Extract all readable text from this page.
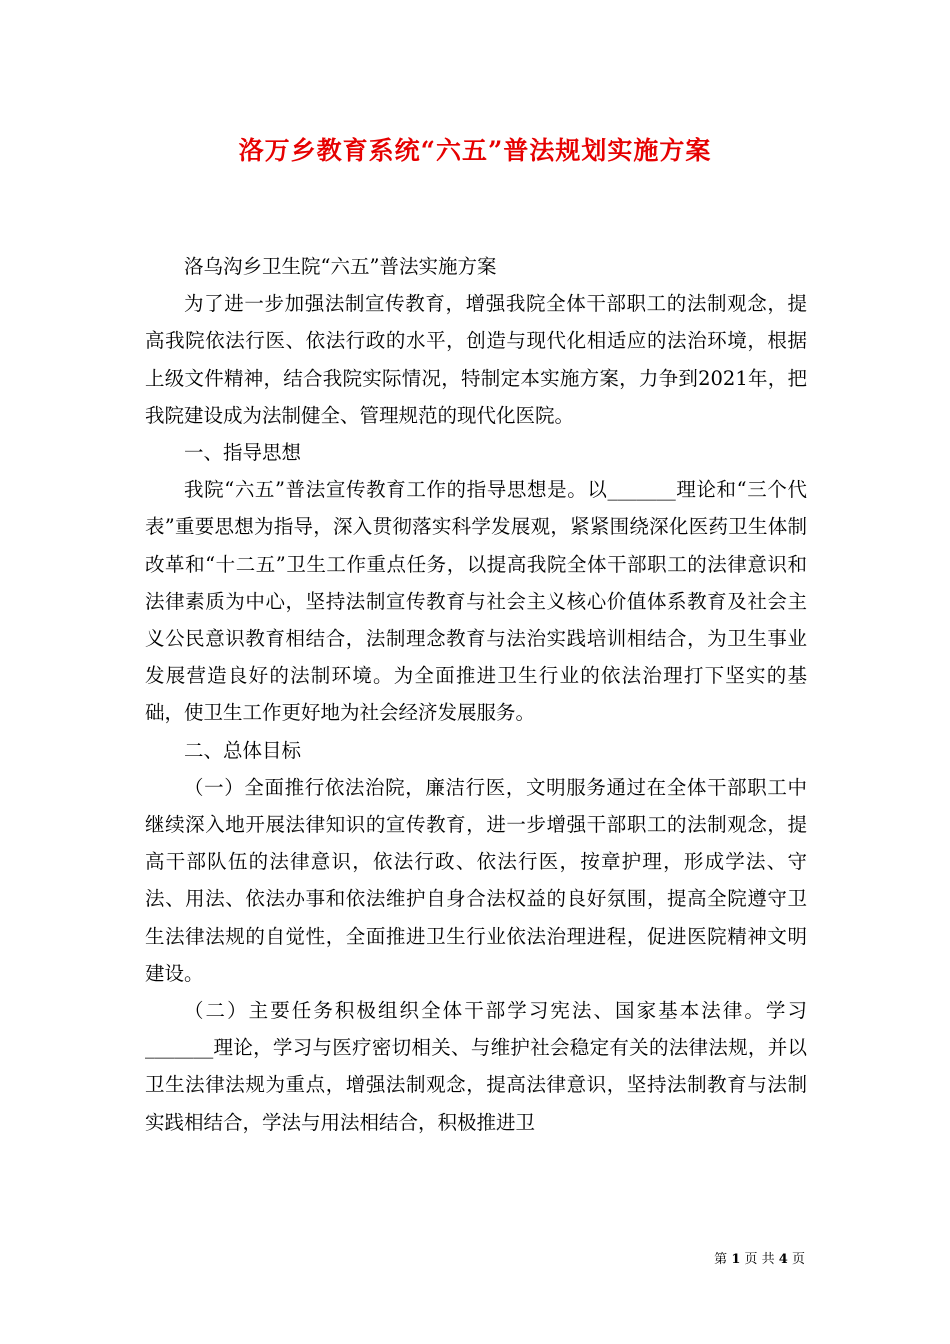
洛万乡教育系统“六五”普法规划实施方案

洛乌沟乡卫生院“六五”普法实施方案

为了进一步加强法制宣传教育，增强我院全体干部职工的法制观念，提高我院依法行医、依法行政的水平，创造与现代化相适应的法治环境，根据上级文件精神，结合我院实际情况，特制定本实施方案，力争到2021年，把我院建设成为法制健全、管理规范的现代化医院。

一、指导思想

我院“六五”普法宣传教育工作的指导思想是。以_______理论和“三个代表”重要思想为指导，深入贯彻落实科学发展观，紧紧围绕深化医药卫生体制改革和“十二五”卫生工作重点任务，以提高我院全体干部职工的法律意识和法律素质为中心，坚持法制宣传教育与社会主义核心价值体系教育及社会主义公民意识教育相结合，法制理念教育与法治实践培训相结合，为卫生事业发展营造良好的法制环境。为全面推进卫生行业的依法治理打下坚实的基础，使卫生工作更好地为社会经济发展服务。

二、总体目标

（一）全面推行依法治院，廉洁行医，文明服务通过在全体干部职工中继续深入地开展法律知识的宣传教育，进一步增强干部职工的法制观念，提高干部队伍的法律意识，依法行政、依法行医，按章护理，形成学法、守法、用法、依法办事和依法维护自身合法权益的良好氛围，提高全院遵守卫生法律法规的自觉性，全面推进卫生行业依法治理进程，促进医院精神文明建设。

（二）主要任务积极组织全体干部学习宪法、国家基本法律。学习_______理论，学习与医疗密切相关、与维护社会稳定有关的法律法规，并以卫生法律法规为重点，增强法制观念，提高法律意识，坚持法制教育与法制实践相结合，学法与用法相结合，积极推进卫

第 1 页 共 4 页
